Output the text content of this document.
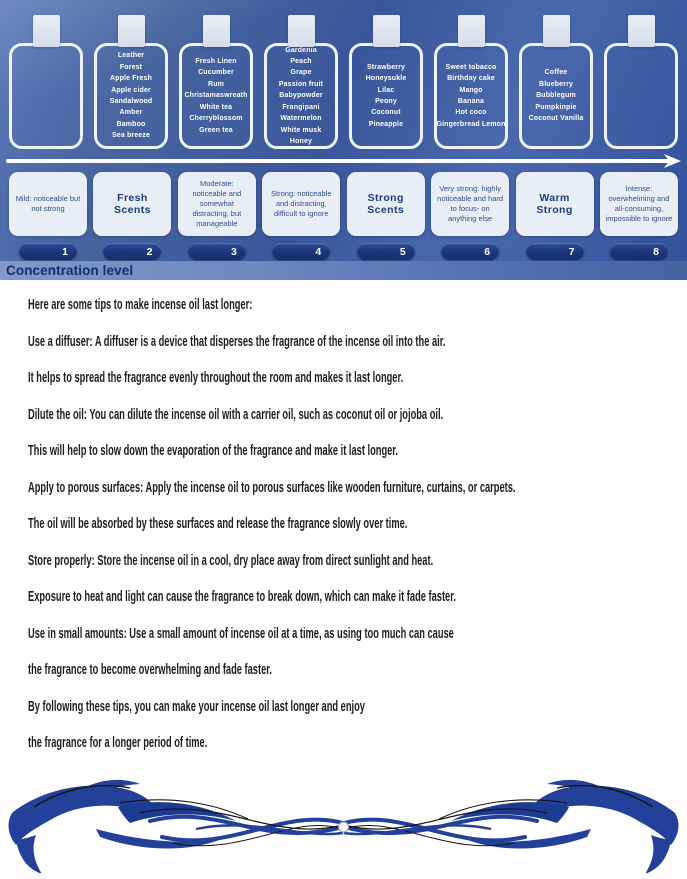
Leather
Forest
Apple Fresh
Apple cider
Sandalwood
Amber
Bamboo
Sea breeze
Fresh Linen
Cucumber
Rum
Christamaswreath
White tea
Cherryblossom
Green tea
Gardenia
Peach
Grape
Passion fruit
Babypowder
Frangipani
Watermelon
White musk
Honey
Strawberry
Honeysukle
Lilac
Peony
Coconut
Pineapple
Sweet tobacco
Birthday cake
Mango
Banana
Hot coco
Gingerbread Lemon
Coffee
Blueberry
Bubblegum
Pumpkinpie
Coconut Vanilla
Mild: noticeable but not strong
Fresh Scents
Moderate: noticeable and somewhat distracting, but manageable
Strong: noticeable and distracting, difficult to ignore
Strong Scents
Very strong: highly noticeable and hard to focus- on anything else
Warm Strong
Intense: overwhelming and all-consuming, impossible to ignore
1	2	3	4	5	6	7	8
Concentration level

Here are some tips to make incense oil last longer:

Use a diffuser: A diffuser is a device that disperses the fragrance of the incense oil into the air.

It helps to spread the fragrance evenly throughout the room and makes it last longer.

Dilute the oil: You can dilute the incense oil with a carrier oil, such as coconut oil or jojoba oil.

This will help to slow down the evaporation of the fragrance and make it last longer.

Apply to porous surfaces: Apply the incense oil to porous surfaces like wooden furniture, curtains, or carpets.

The oil will be absorbed by these surfaces and release the fragrance slowly over time.

Store properly: Store the incense oil in a cool, dry place away from direct sunlight and heat.

Exposure to heat and light can cause the fragrance to break down, which can make it fade faster.

Use in small amounts: Use a small amount of incense oil at a time, as using too much can cause

the fragrance to become overwhelming and fade faster.

By following these tips, you can make your incense oil last longer and enjoy

the fragrance for a longer period of time.
